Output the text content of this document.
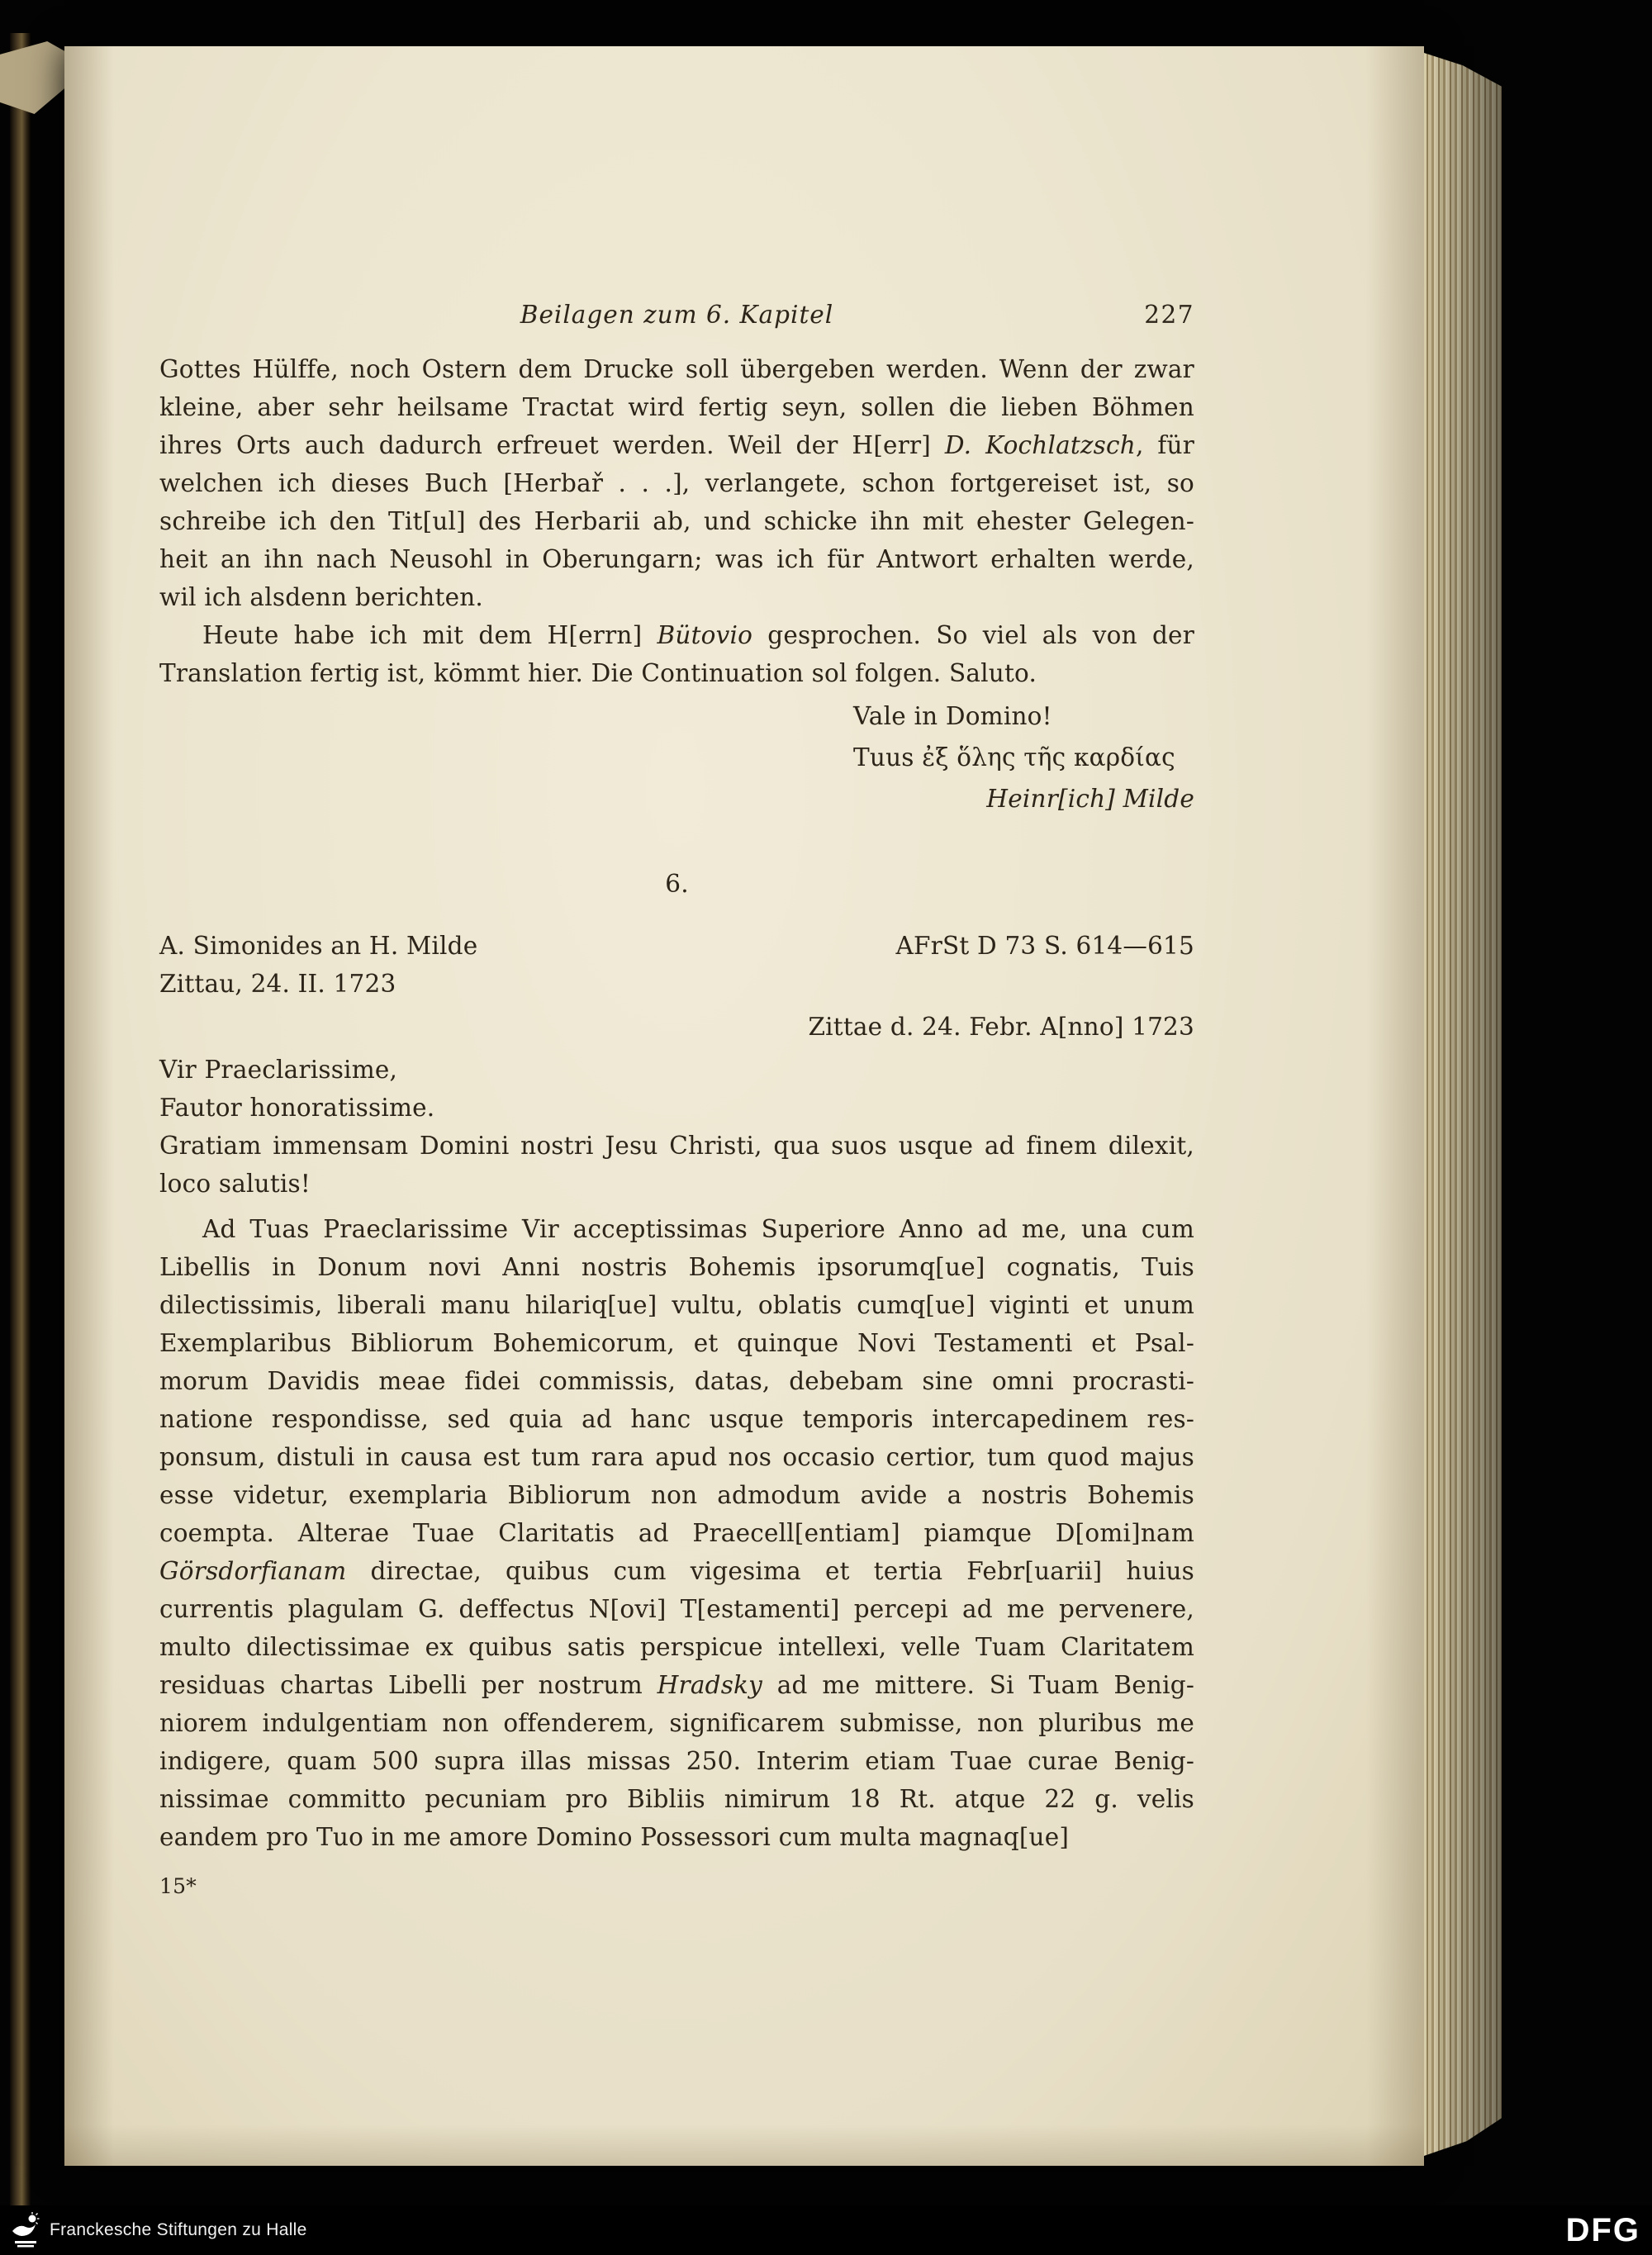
Beilagen zum 6. Kapitel	227
Gottes Hülffe, noch Ostern dem Drucke soll übergeben werden. Wenn der zwar
kleine, aber sehr heilsame Tractat wird fertig seyn, sollen die lieben Böhmen
ihres Orts auch dadurch erfreuet werden. Weil der H[err] D. Kochlatzsch, für
welchen ich dieses Buch [Herbař . . .], verlangete, schon fortgereiset ist, so
schreibe ich den Tit[ul] des Herbarii ab, und schicke ihn mit ehester Gelegen-
heit an ihn nach Neusohl in Oberungarn; was ich für Antwort erhalten werde,
wil ich alsdenn berichten.
Heute habe ich mit dem H[errn] Bütovio gesprochen. So viel als von der
Translation fertig ist, kömmt hier. Die Continuation sol folgen. Saluto.
Vale in Domino!
Tuus ἐξ ὅλης τῆς καρδίας
Heinr[ich] Milde
6.
A. Simonides an H. Milde	AFrSt D 73 S. 614—615
Zittau, 24. II. 1723
Zittae d. 24. Febr. A[nno] 1723
Vir Praeclarissime,
Fautor honoratissime.
Gratiam immensam Domini nostri Jesu Christi, qua suos usque ad finem dilexit,
loco salutis!
Ad Tuas Praeclarissime Vir acceptissimas Superiore Anno ad me, una cum
Libellis in Donum novi Anni nostris Bohemis ipsorumq[ue] cognatis, Tuis
dilectissimis, liberali manu hilariq[ue] vultu, oblatis cumq[ue] viginti et unum
Exemplaribus Bibliorum Bohemicorum, et quinque Novi Testamenti et Psal-
morum Davidis meae fidei commissis, datas, debebam sine omni procrasti-
natione respondisse, sed quia ad hanc usque temporis intercapedinem res-
ponsum, distuli in causa est tum rara apud nos occasio certior, tum quod majus
esse videtur, exemplaria Bibliorum non admodum avide a nostris Bohemis
coempta. Alterae Tuae Claritatis ad Praecell[entiam] piamque D[omi]nam
Görsdorfianam directae, quibus cum vigesima et tertia Febr[uarii] huius
currentis plagulam G. deffectus N[ovi] T[estamenti] percepi ad me pervenere,
multo dilectissimae ex quibus satis perspicue intellexi, velle Tuam Claritatem
residuas chartas Libelli per nostrum Hradsky ad me mittere. Si Tuam Benig-
niorem indulgentiam non offenderem, significarem submisse, non pluribus me
indigere, quam 500 supra illas missas 250. Interim etiam Tuae curae Benig-
nissimae committo pecuniam pro Bibliis nimirum 18 Rt. atque 22 g. velis
eandem pro Tuo in me amore Domino Possessori cum multa magnaq[ue]
15*
Franckesche Stiftungen zu Halle	DFG
